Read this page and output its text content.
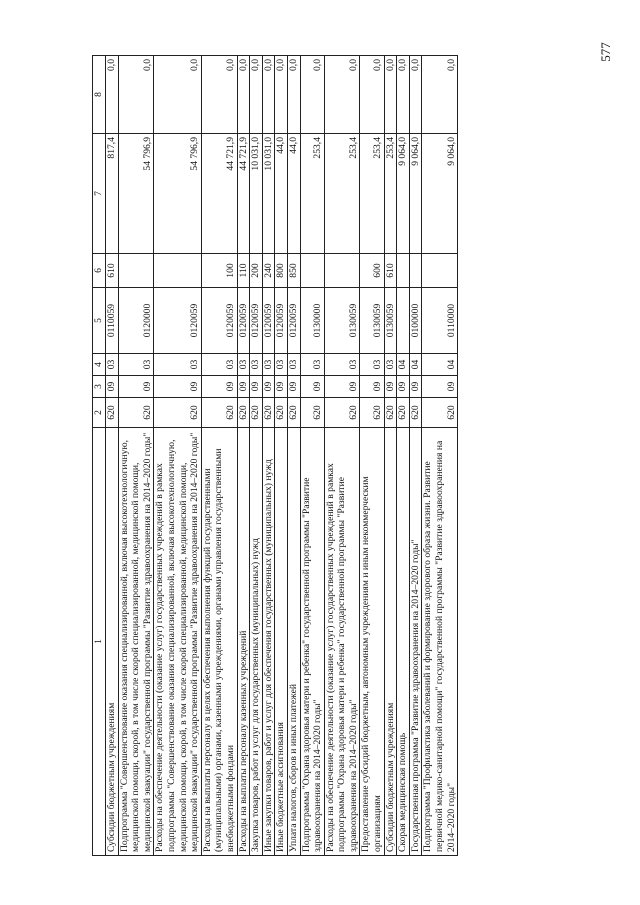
577
1	2	3	4	5	6	7	8
Субсидии бюджетным учреждениям	620	09	03	0110059	610	817,4	0,0
Подпрограмма "Совершенствование оказания специализированной, включая высокотехнологичную, медицинской помощи, скорой, в том числе скорой специализированной, медицинской помощи, медицинской эвакуации" государственной программы "Развитие здравоохранения на 2014–2020 годы"	620	09	03	0120000		54 796,9	0,0
Расходы на обеспечение деятельности (оказание услуг) государственных учреждений в рамках подпрограммы "Совершенствование оказания специализированной, включая высокотехнологичную, медицинской помощи, скорой, в том числе скорой специализированной, медицинской помощи, медицинской эвакуации" государственной программы "Развитие здравоохранения на 2014–2020 годы"	620	09	03	0120059		54 796,9	0,0
Расходы на выплаты персоналу в целях обеспечения выполнения функций государственными (муниципальными) органами, казенными учреждениями, органами управления государственными внебюджетными фондами	620	09	03	0120059	100	44 721,9	0,0
Расходы на выплаты персоналу казенных учреждений	620	09	03	0120059	110	44 721,9	0,0
Закупка товаров, работ и услуг для государственных (муниципальных) нужд	620	09	03	0120059	200	10 031,0	0,0
Иные закупки товаров, работ и услуг для обеспечения государственных (муниципальных) нужд	620	09	03	0120059	240	10 031,0	0,0
Иные бюджетные ассигнования	620	09	03	0120059	800	44,0	0,0
Уплата налогов, сборов и иных платежей	620	09	03	0120059	850	44,0	0,0
Подпрограмма "Охрана здоровья матери и ребенка" государственной программы "Развитие здравоохранения на 2014–2020 годы"	620	09	03	0130000		253,4	0,0
Расходы на обеспечение деятельности (оказание услуг) государственных учреждений в рамках подпрограммы "Охрана здоровья матери и ребенка" государственной программы "Развитие здравоохранения на 2014–2020 годы"	620	09	03	0130059		253,4	0,0
Предоставление субсидий бюджетным, автономным учреждениям и иным некоммерческим организациям	620	09	03	0130059	600	253,4	0,0
Субсидии бюджетным учреждениям	620	09	03	0130059	610	253,4	0,0
Скорая медицинская помощь	620	09	04			9 064,0	0,0
Государственная программа "Развитие здравоохранения на 2014–2020 годы"	620	09	04	0100000		9 064,0	0,0
Подпрограмма "Профилактика заболеваний и формирование здорового образа жизни. Развитие первичной медико-санитарной помощи" государственной программы "Развитие здравоохранения на 2014–2020 годы"	620	09	04	0110000		9 064,0	0,0
